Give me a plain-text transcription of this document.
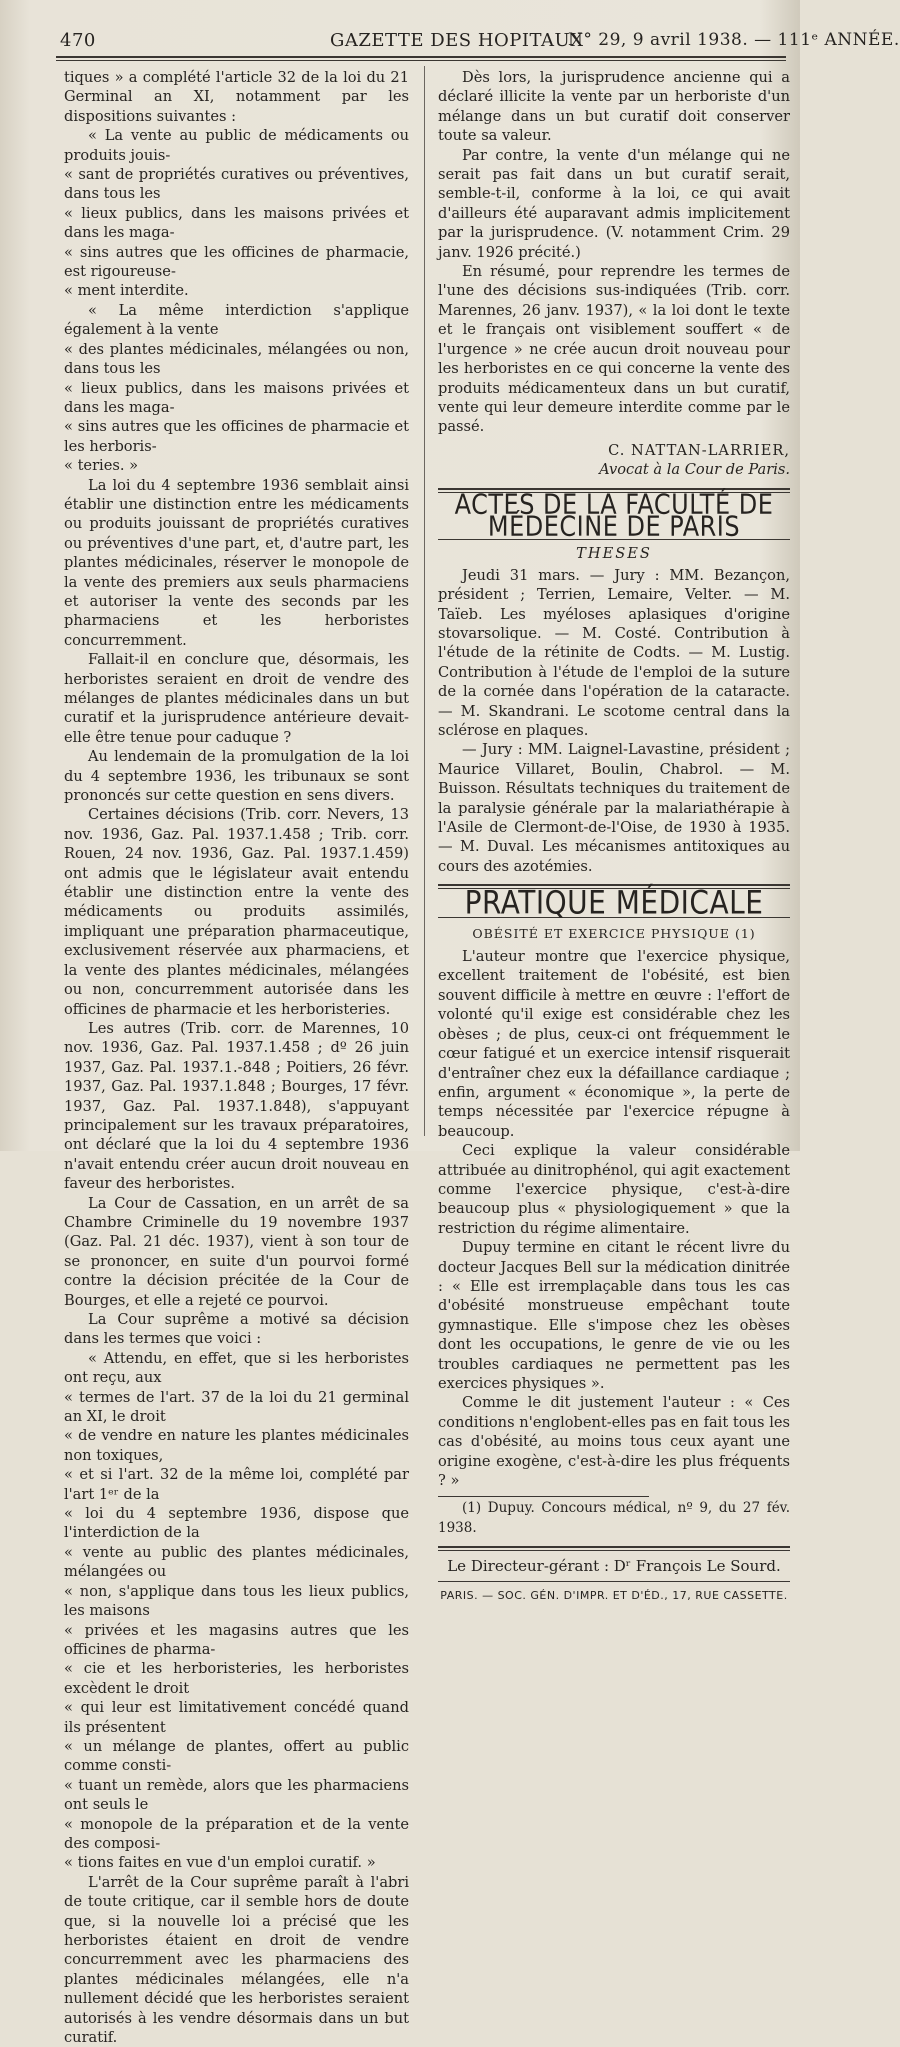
470	GAZETTE DES HOPITAUX
N° 29, 9 avril 1938. — 111ᵉ ANNÉE.

tiques » a complété l'article 32 de la loi du 21 Germinal an XI, notamment par les dispositions suivantes :

« La vente au public de médicaments ou produits jouis-
« sant de propriétés curatives ou préventives, dans tous les
« lieux publics, dans les maisons privées et dans les maga-
« sins autres que les officines de pharmacie, est rigoureuse-
« ment interdite.
« La même interdiction s'applique également à la vente
« des plantes médicinales, mélangées ou non, dans tous les
« lieux publics, dans les maisons privées et dans les maga-
« sins autres que les officines de pharmacie et les herboris-
« teries. »

La loi du 4 septembre 1936 semblait ainsi établir une distinction entre les médicaments ou produits jouissant de propriétés curatives ou préventives d'une part, et, d'autre part, les plantes médicinales, réserver le monopole de la vente des premiers aux seuls pharmaciens et autoriser la vente des seconds par les pharmaciens et les herboristes concurremment.

Fallait-il en conclure que, désormais, les herboristes seraient en droit de vendre des mélanges de plantes médicinales dans un but curatif et la jurisprudence antérieure devait-elle être tenue pour caduque ?

Au lendemain de la promulgation de la loi du 4 septembre 1936, les tribunaux se sont prononcés sur cette question en sens divers.

Certaines décisions (Trib. corr. Nevers, 13 nov. 1936, Gaz. Pal. 1937.1.458 ; Trib. corr. Rouen, 24 nov. 1936, Gaz. Pal. 1937.1.459) ont admis que le législateur avait entendu établir une distinction entre la vente des médicaments ou produits assimilés, impliquant une préparation pharmaceutique, exclusivement réservée aux pharmaciens, et la vente des plantes médicinales, mélangées ou non, concurremment autorisée dans les officines de pharmacie et les herboristeries.

Les autres (Trib. corr. de Marennes, 10 nov. 1936, Gaz. Pal. 1937.1.458 ; dº 26 juin 1937, Gaz. Pal. 1937.1.-848 ; Poitiers, 26 févr. 1937, Gaz. Pal. 1937.1.848 ; Bourges, 17 févr. 1937, Gaz. Pal. 1937.1.848), s'appuyant principalement sur les travaux préparatoires, ont déclaré que la loi du 4 septembre 1936 n'avait entendu créer aucun droit nouveau en faveur des herboristes.

La Cour de Cassation, en un arrêt de sa Chambre Criminelle du 19 novembre 1937 (Gaz. Pal. 21 déc. 1937), vient à son tour de se prononcer, en suite d'un pourvoi formé contre la décision précitée de la Cour de Bourges, et elle a rejeté ce pourvoi.

La Cour suprême a motivé sa décision dans les termes que voici :

« Attendu, en effet, que si les herboristes ont reçu, aux
« termes de l'art. 37 de la loi du 21 germinal an XI, le droit
« de vendre en nature les plantes médicinales non toxiques,
« et si l'art. 32 de la même loi, complété par l'art 1ᵉʳ de la
« loi du 4 septembre 1936, dispose que l'interdiction de la
« vente au public des plantes médicinales, mélangées ou
« non, s'applique dans tous les lieux publics, les maisons
« privées et les magasins autres que les officines de pharma-
« cie et les herboristeries, les herboristes excèdent le droit
« qui leur est limitativement concédé quand ils présentent
« un mélange de plantes, offert au public comme consti-
« tuant un remède, alors que les pharmaciens ont seuls le
« monopole de la préparation et de la vente des composi-
« tions faites en vue d'un emploi curatif. »

L'arrêt de la Cour suprême paraît à l'abri de toute critique, car il semble hors de doute que, si la nouvelle loi a précisé que les herboristes étaient en droit de vendre concurremment avec les pharmaciens des plantes médicinales mélangées, elle n'a nullement décidé que les herboristes seraient autorisés à les vendre désormais dans un but curatif.

Dès lors, la jurisprudence ancienne qui a déclaré illicite la vente par un herboriste d'un mélange dans un but curatif doit conserver toute sa valeur.

Par contre, la vente d'un mélange qui ne serait pas fait dans un but curatif serait, semble-t-il, conforme à la loi, ce qui avait d'ailleurs été auparavant admis implicitement par la jurisprudence. (V. notamment Crim. 29 janv. 1926 précité.)

En résumé, pour reprendre les termes de l'une des décisions sus-indiquées (Trib. corr. Marennes, 26 janv. 1937), « la loi dont le texte et le français ont visiblement souffert « de l'urgence » ne crée aucun droit nouveau pour les herboristes en ce qui concerne la vente des produits médicamenteux dans un but curatif, vente qui leur demeure interdite comme par le passé.

C. NATTAN-LARRIER,
Avocat à la Cour de Paris.
ACTES DE LA FACULTÉ DE MÉDECINE DE PARIS
THESES

Jeudi 31 mars. — Jury : MM. Bezançon, président ; Terrien, Lemaire, Velter. — M. Taïeb. Les myéloses aplasiques d'origine stovarsolique. — M. Costé. Contribution à l'étude de la rétinite de Codts. — M. Lustig. Contribution à l'étude de l'emploi de la suture de la cornée dans l'opération de la cataracte. — M. Skandrani. Le scotome central dans la sclérose en plaques.

— Jury : MM. Laignel-Lavastine, président ; Maurice Villaret, Boulin, Chabrol. — M. Buisson. Résultats techniques du traitement de la paralysie générale par la malariathérapie à l'Asile de Clermont-de-l'Oise, de 1930 à 1935. — M. Duval. Les mécanismes antitoxiques au cours des azotémies.

PRATIQUE MÉDICALE
OBÉSITÉ ET EXERCICE PHYSIQUE (1)

L'auteur montre que l'exercice physique, excellent traitement de l'obésité, est bien souvent difficile à mettre en œuvre : l'effort de volonté qu'il exige est considérable chez les obèses ; de plus, ceux-ci ont fréquemment le cœur fatigué et un exercice intensif risquerait d'entraîner chez eux la défaillance cardiaque ; enfin, argument « économique », la perte de temps nécessitée par l'exercice répugne à beaucoup.

Ceci explique la valeur considérable attribuée au dinitrophénol, qui agit exactement comme l'exercice physique, c'est-à-dire beaucoup plus « physiologiquement » que la restriction du régime alimentaire.

Dupuy termine en citant le récent livre du docteur Jacques Bell sur la médication dinitrée : « Elle est irremplaçable dans tous les cas d'obésité monstrueuse empêchant toute gymnastique. Elle s'impose chez les obèses dont les occupations, le genre de vie ou les troubles cardiaques ne permettent pas les exercices physiques ».

Comme le dit justement l'auteur : « Ces conditions n'englobent-elles pas en fait tous les cas d'obésité, au moins tous ceux ayant une origine exogène, c'est-à-dire les plus fréquents ? »

(1) Dupuy. Concours médical, nº 9, du 27 fév. 1938.

Le Directeur-gérant : Dʳ François Le Sourd.
PARIS. — SOC. GÉN. D'IMPR. ET D'ÉD., 17, RUE CASSETTE.
